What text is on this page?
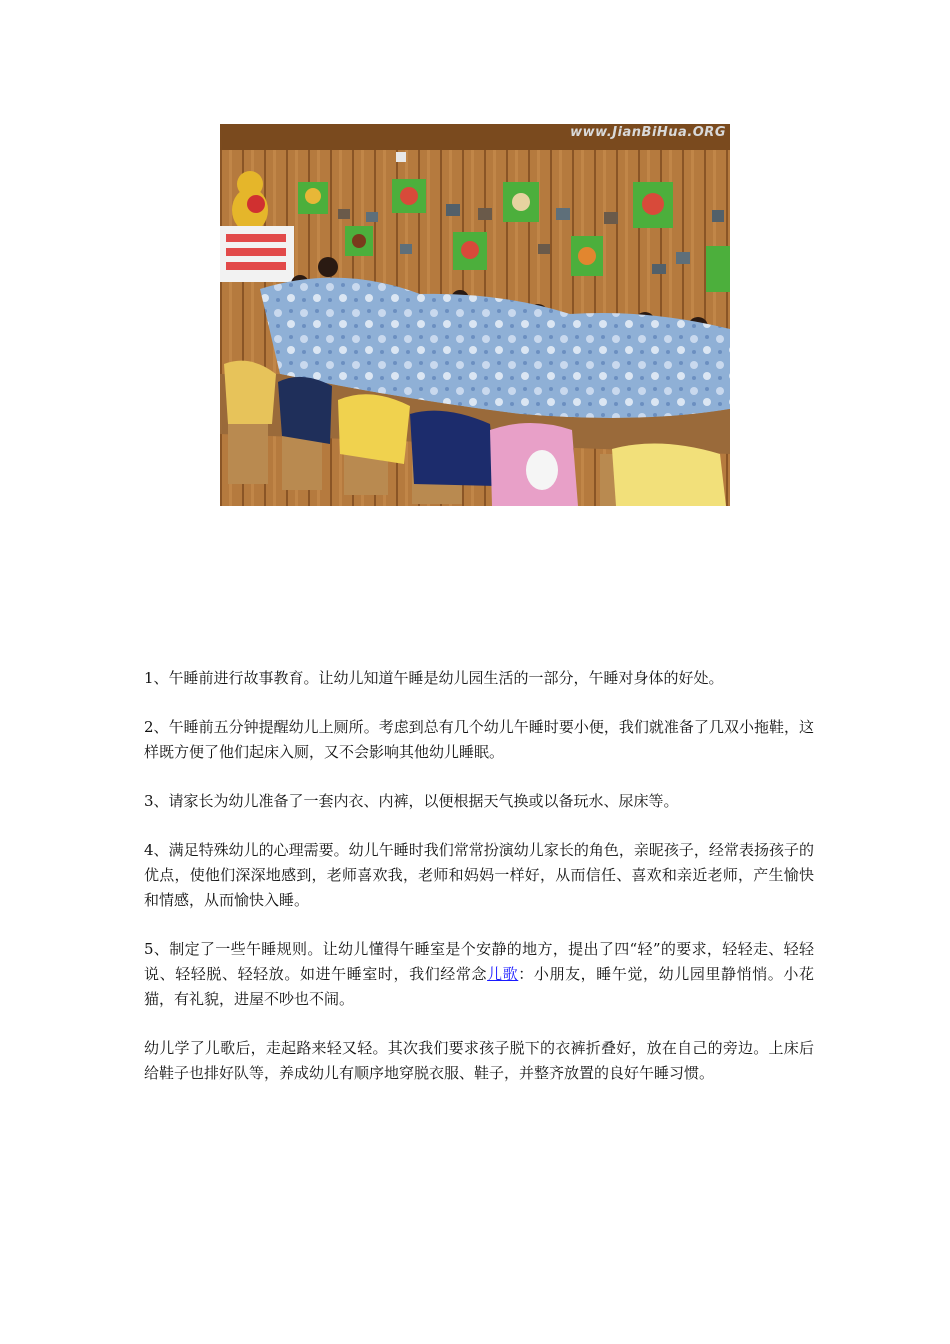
www.JianBiHua.ORG

1、午睡前进行故事教育。让幼儿知道午睡是幼儿园生活的一部分，午睡对身体的好处。

2、午睡前五分钟提醒幼儿上厕所。考虑到总有几个幼儿午睡时要小便，我们就准备了几双小拖鞋，这样既方便了他们起床入厕，又不会影响其他幼儿睡眠。

3、请家长为幼儿准备了一套内衣、内裤，以便根据天气换或以备玩水、尿床等。

4、满足特殊幼儿的心理需要。幼儿午睡时我们常常扮演幼儿家长的角色，亲昵孩子，经常表扬孩子的优点，使他们深深地感到，老师喜欢我，老师和妈妈一样好，从而信任、喜欢和亲近老师，产生愉快和情感，从而愉快入睡。

5、制定了一些午睡规则。让幼儿懂得午睡室是个安静的地方，提出了四“轻”的要求，轻轻走、轻轻说、轻轻脱、轻轻放。如进午睡室时，我们经常念儿歌：小朋友，睡午觉，幼儿园里静悄悄。小花猫，有礼貌，进屋不吵也不闹。

幼儿学了儿歌后，走起路来轻又轻。其次我们要求孩子脱下的衣裤折叠好，放在自己的旁边。上床后给鞋子也排好队等，养成幼儿有顺序地穿脱衣服、鞋子，并整齐放置的良好午睡习惯。
